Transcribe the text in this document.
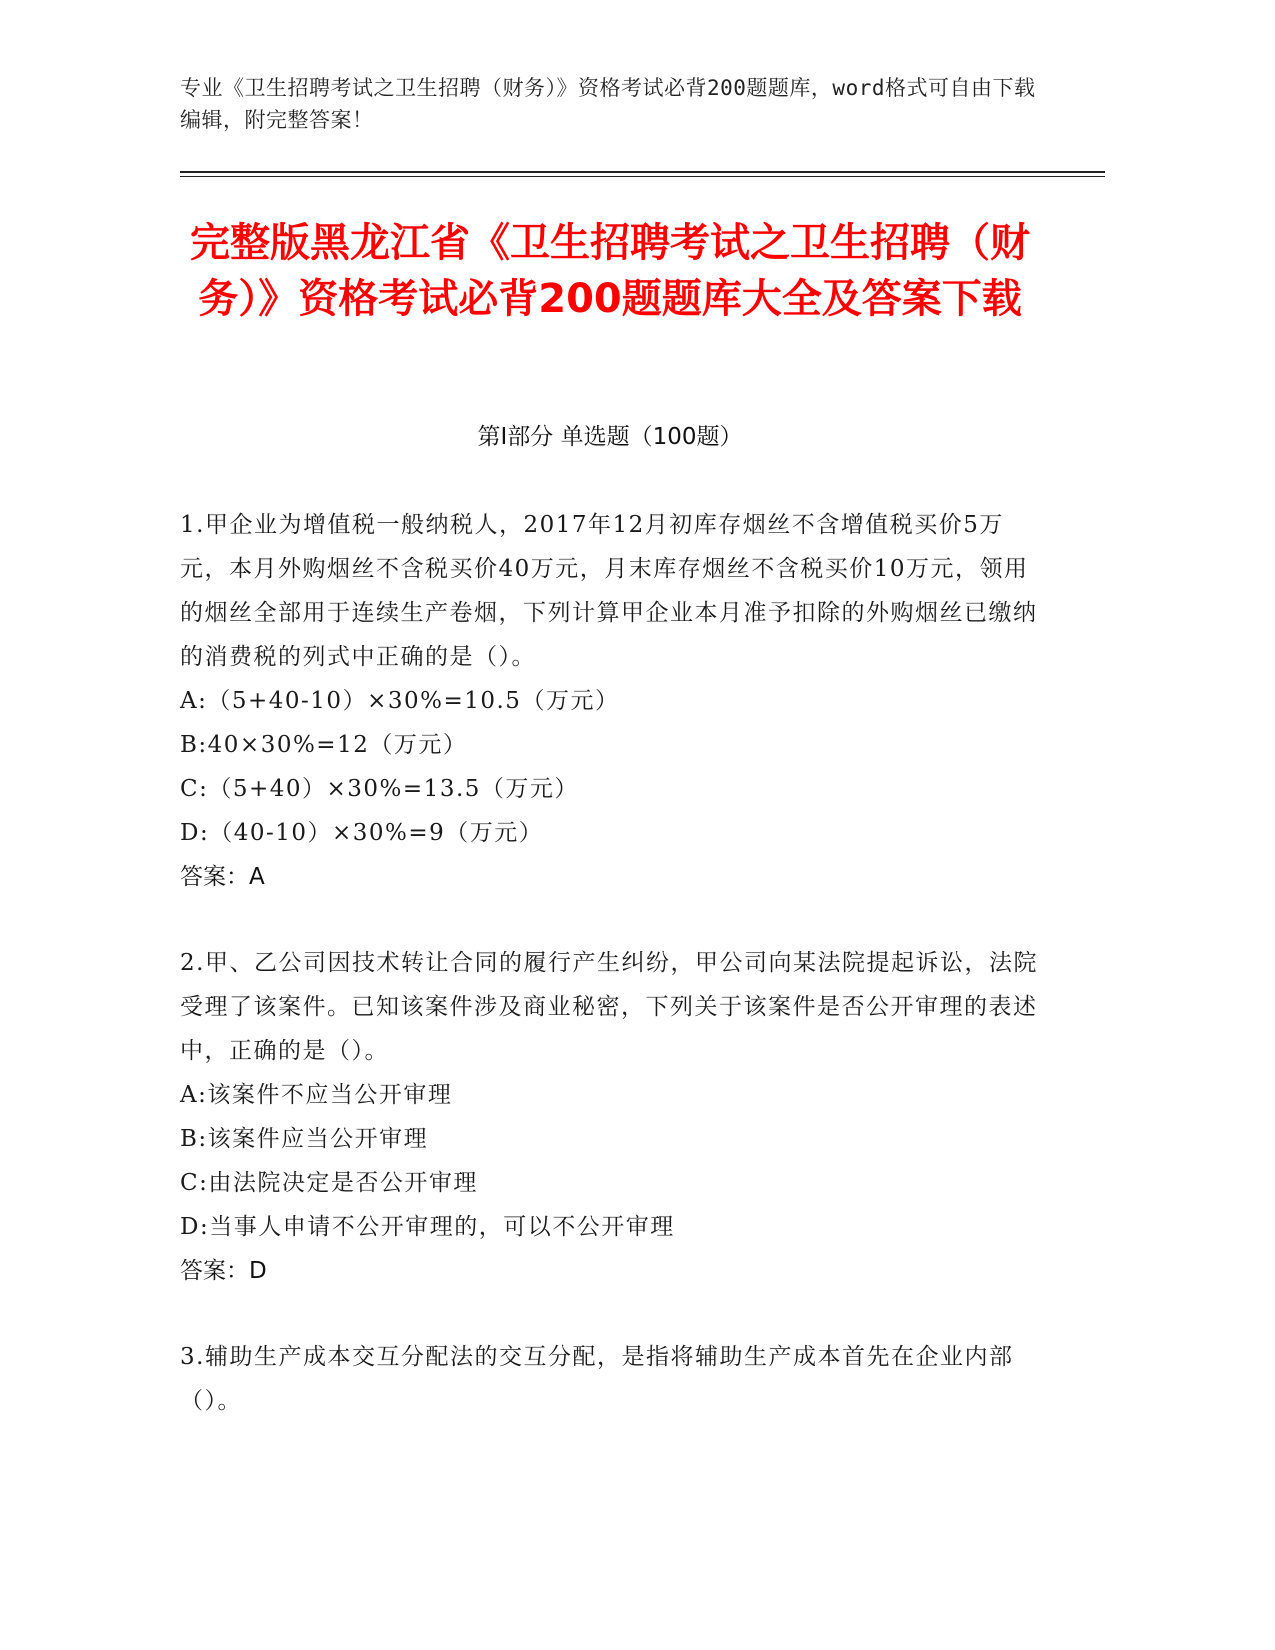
专业《卫生招聘考试之卫生招聘（财务）》资格考试必背200题题库，word格式可自由下载编辑，附完整答案！
完整版黑龙江省《卫生招聘考试之卫生招聘（财务）》资格考试必背200题题库大全及答案下载
第Ⅰ部分 单选题（100题）

1.甲企业为增值税一般纳税人，2017年12月初库存烟丝不含增值税买价5万元，本月外购烟丝不含税买价40万元，月末库存烟丝不含税买价10万元，领用的烟丝全部用于连续生产卷烟，下列计算甲企业本月准予扣除的外购烟丝已缴纳的消费税的列式中正确的是（）。

A:（5+40-10）×30%=10.5（万元）

B:40×30%=12（万元）

C:（5+40）×30%=13.5（万元）

D:（40-10）×30%=9（万元）

答案：A

2.甲、乙公司因技术转让合同的履行产生纠纷，甲公司向某法院提起诉讼，法院受理了该案件。已知该案件涉及商业秘密，下列关于该案件是否公开审理的表述中，正确的是（）。

A:该案件不应当公开审理

B:该案件应当公开审理

C:由法院决定是否公开审理

D:当事人申请不公开审理的，可以不公开审理

答案：D

3.辅助生产成本交互分配法的交互分配，是指将辅助生产成本首先在企业内部（）。
